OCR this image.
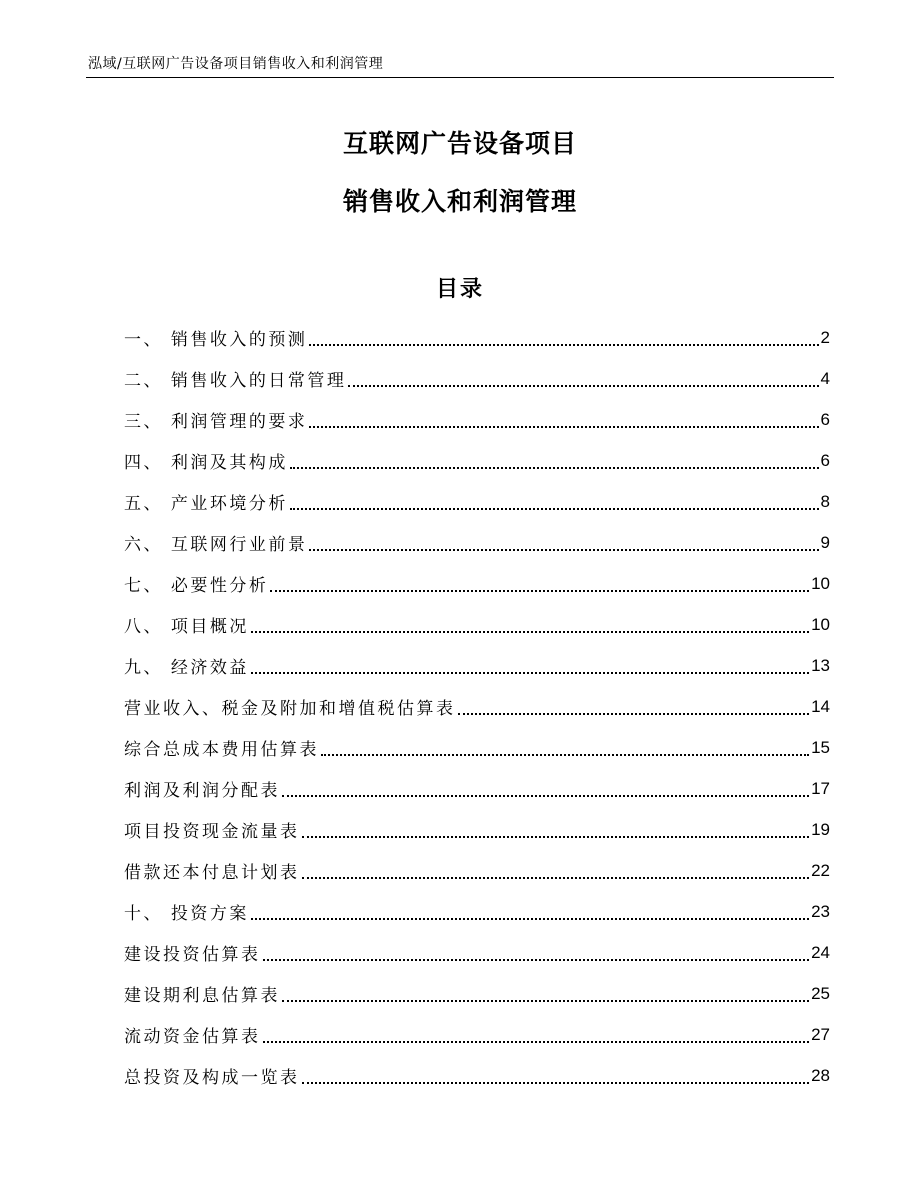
泓域/互联网广告设备项目销售收入和利润管理
互联网广告设备项目
销售收入和利润管理
目录
一、 销售收入的预测	2
二、 销售收入的日常管理	4
三、 利润管理的要求	6
四、 利润及其构成	6
五、 产业环境分析	8
六、 互联网行业前景	9
七、 必要性分析	10
八、 项目概况	10
九、 经济效益	13
营业收入、税金及附加和增值税估算表	14
综合总成本费用估算表	15
利润及利润分配表	17
项目投资现金流量表	19
借款还本付息计划表	22
十、 投资方案	23
建设投资估算表	24
建设期利息估算表	25
流动资金估算表	27
总投资及构成一览表	28
